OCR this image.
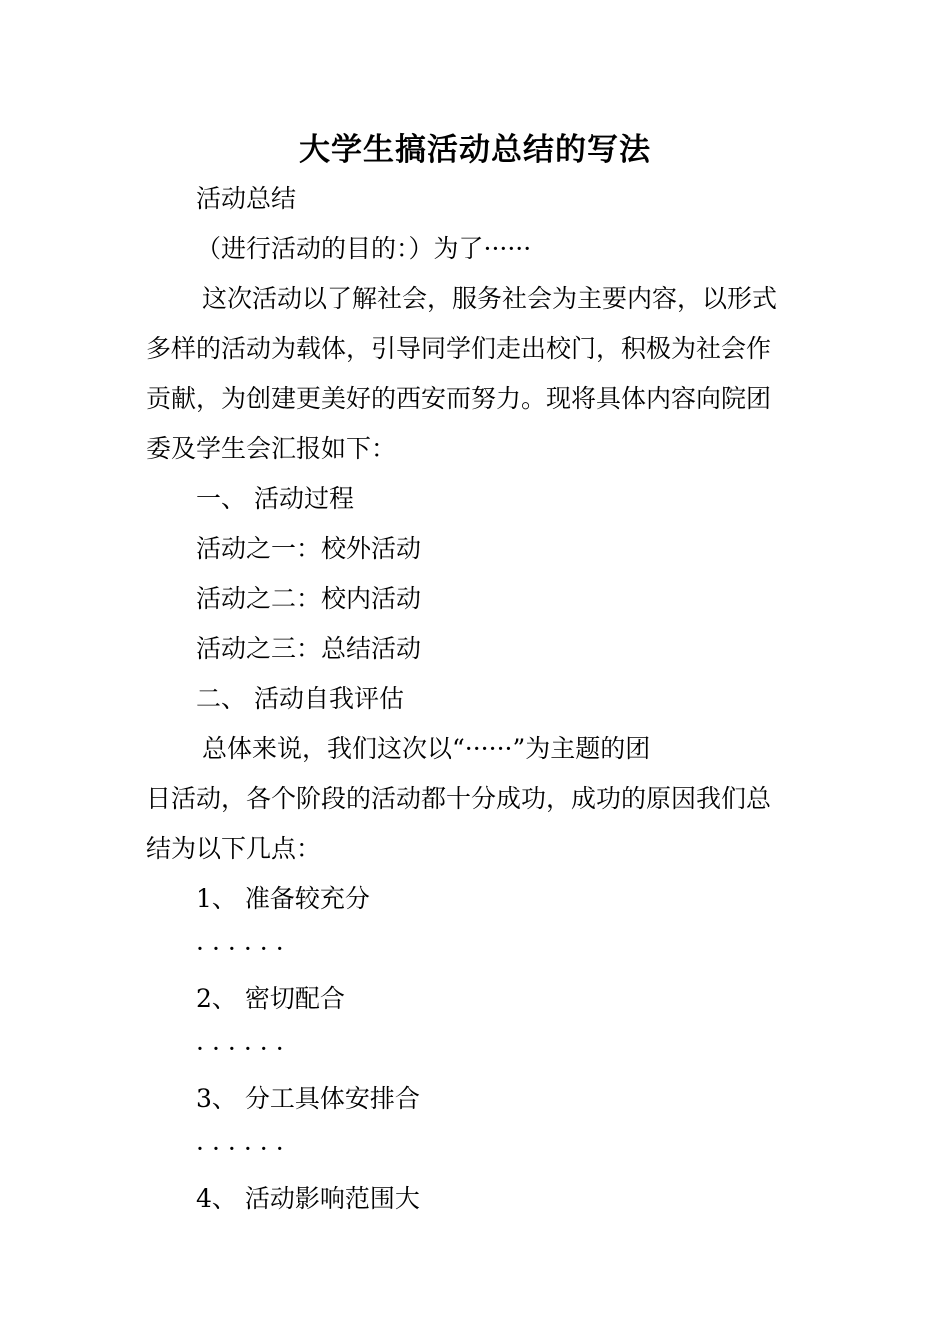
大学生搞活动总结的写法

活动总结

（进行活动的目的：）为了······

这次活动以了解社会，服务社会为主要内容，以形式

多样的活动为载体，引导同学们走出校门，积极为社会作

贡献，为创建更美好的西安而努力。现将具体内容向院团

委及学生会汇报如下：

一、 活动过程

活动之一：校外活动

活动之二：校内活动

活动之三：总结活动

二、 活动自我评估

总体来说，我们这次以“······”为主题的团

日活动，各个阶段的活动都十分成功，成功的原因我们总

结为以下几点：

1、 准备较充分

······

2、 密切配合

······

3、 分工具体安排合

······

4、 活动影响范围大
